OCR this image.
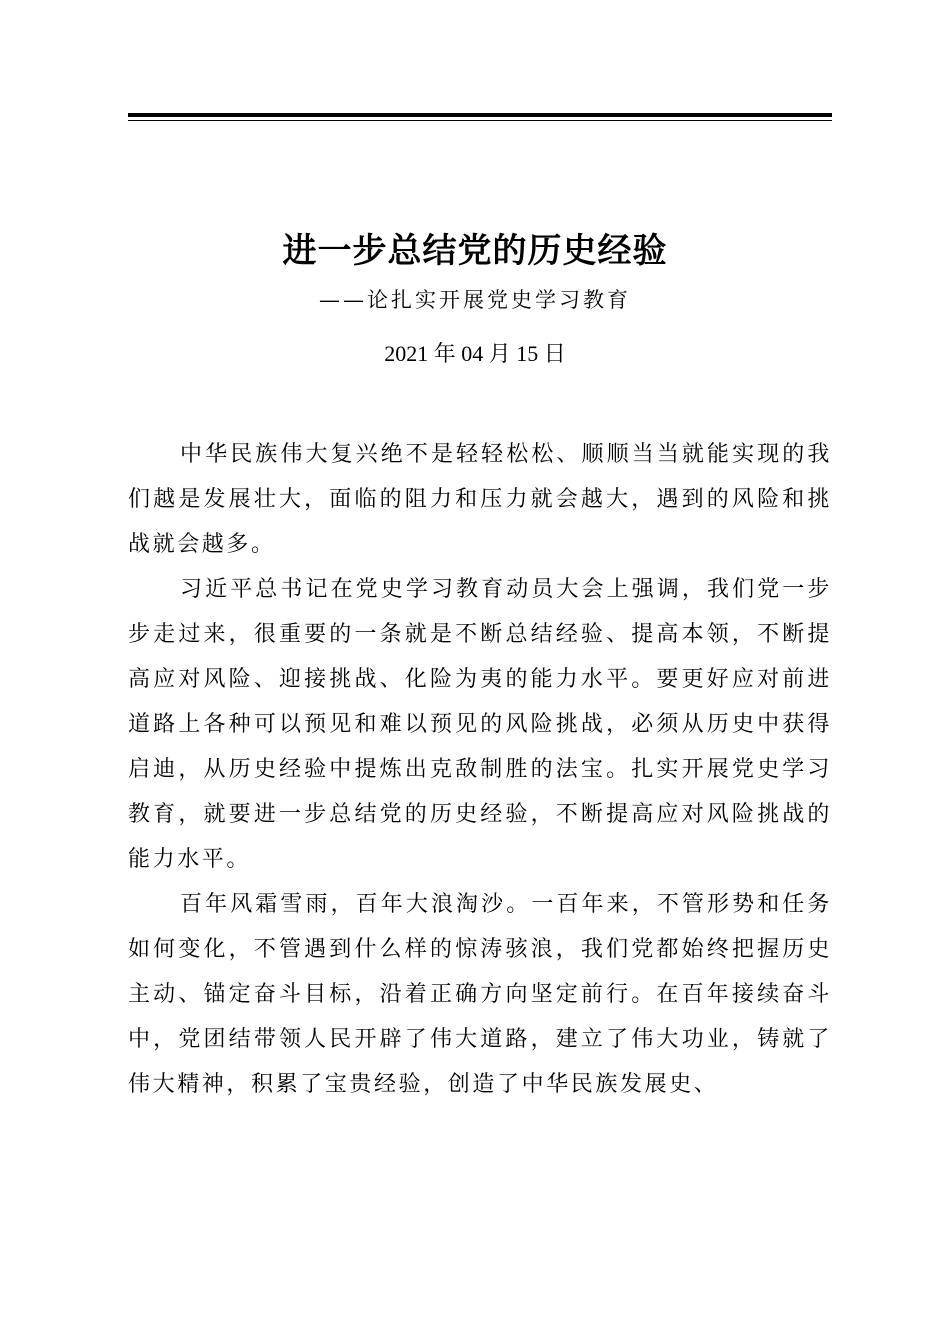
进一步总结党的历史经验
——论扎实开展党史学习教育
2021 年 04 月 15 日

中华民族伟大复兴绝不是轻轻松松、顺顺当当就能实现的我们越是发展壮大，面临的阻力和压力就会越大，遇到的风险和挑战就会越多。

习近平总书记在党史学习教育动员大会上强调，我们党一步步走过来，很重要的一条就是不断总结经验、提高本领，不断提高应对风险、迎接挑战、化险为夷的能力水平。要更好应对前进道路上各种可以预见和难以预见的风险挑战，必须从历史中获得启迪，从历史经验中提炼出克敌制胜的法宝。扎实开展党史学习教育，就要进一步总结党的历史经验，不断提高应对风险挑战的能力水平。

百年风霜雪雨，百年大浪淘沙。一百年来，不管形势和任务如何变化，不管遇到什么样的惊涛骇浪，我们党都始终把握历史主动、锚定奋斗目标，沿着正确方向坚定前行。在百年接续奋斗中，党团结带领人民开辟了伟大道路，建立了伟大功业，铸就了伟大精神，积累了宝贵经验，创造了中华民族发展史、
